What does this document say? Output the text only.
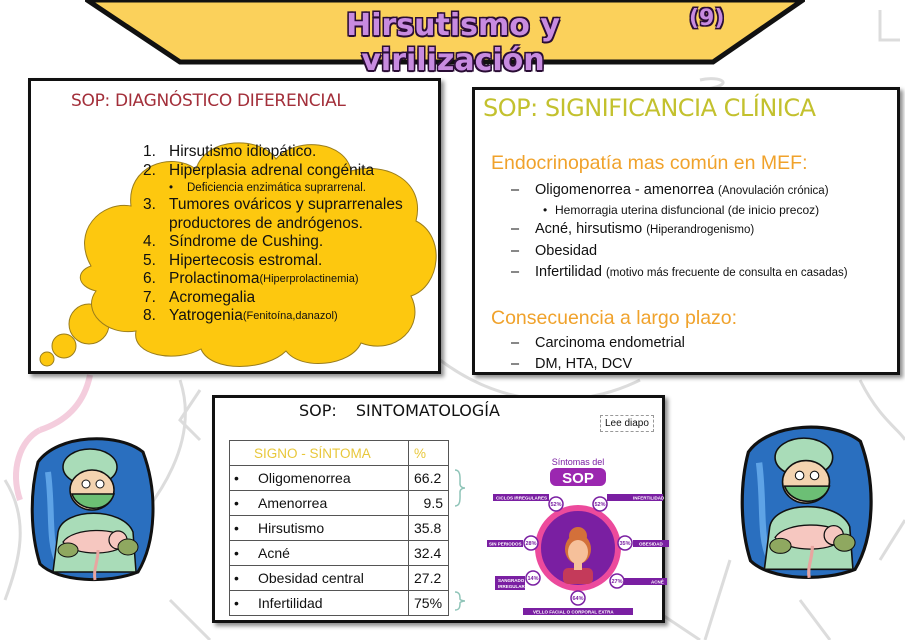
Hirsutismo y virilización
(9)
SOP: DIAGNÓSTICO DIFERENCIAL
1. Hirsutismo idiopático.
2. Hiperplasia adrenal congénita
• Deficiencia enzimática suprarrenal.
3. Tumores ováricos y suprarrenales
productores de andrógenos.
4. Síndrome de Cushing.
5. Hipertecosis estromal.
6. Prolactinoma (Hiperprolactinemia)
7. Acromegalia
8. Yatrogenia (Fenitoína,danazol)
SOP: SIGNIFICANCIA CLÍNICA
Endocrinopatía mas común en MEF:
– Oligomenorrea - amenorrea (Anovulación crónica)
• Hemorragia uterina disfuncional (de inicio precoz)
– Acné, hirsutismo (Hiperandrogenismo)
– Obesidad
– Infertilidad (motivo más frecuente de consulta en casadas)
Consecuencia a largo plazo:
– Carcinoma endometrial
– DM, HTA, DCV
SOP: SINTOMATOLOGÍA
Lee diapo
SIGNO - SÍNTOMA	%
• Oligomenorrea	66.2
• Amenorrea	9.5
• Hirsutismo	35.8
• Acné	32.4
• Obesidad central	27.2
• Infertilidad	75%
Síntomas del
SOP
CICLOS IRREGULARES	INFERTILIDAD
SIN PERIODOS	OBESIDAD
SANGRADO
IRREGULAR
ACNÉ
VELLO FACIAL O CORPORAL EXTRA
52%	52%
28%	35%
14%	27%
64%
